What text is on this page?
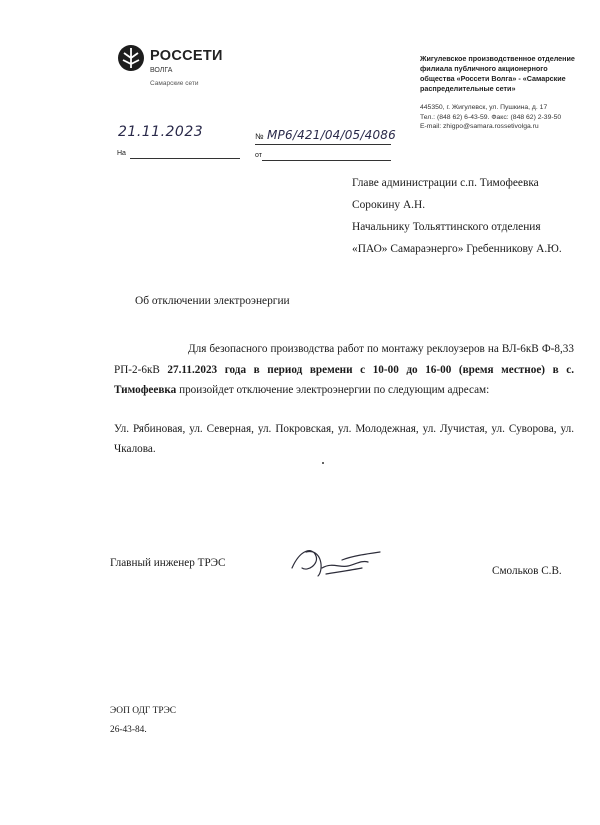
РОССЕТИ
ВОЛГА
Самарские сети
Жигулевское производственное отделение филиала публичного акционерного общества «Россети Волга» - «Самарские распределительные сети»
445350, г. Жигулевск, ул. Пушкина, д. 17
Тел.: (848 62) 6-43-59. Факс: (848 62) 2-39-50
E-mail: zhigpo@samara.rossetivolga.ru
21.11.2023
На
№ MP6/421/04/05/4086
от
Главе администрации с.п. Тимофеевка
Сорокину А.Н.
Начальнику Тольяттинского отделения
«ПАО» Самараэнерго» Гребенникову А.Ю.
Об отключении электроэнергии
Для безопасного производства работ по монтажу реклоузеров на ВЛ-6кВ Ф-8,33 РП-2-6кВ 27.11.2023 года в период времени с 10-00 до 16-00 (время местное) в с. Тимофеевка произойдет отключение электроэнергии по следующим адресам:
Ул. Рябиновая, ул. Северная, ул. Покровская, ул. Молодежная, ул. Лучистая, ул. Суворова, ул. Чкалова.
Главный инженер ТРЭС
Смольков С.В.
ЭОП ОДГ ТРЭС
26-43-84.
